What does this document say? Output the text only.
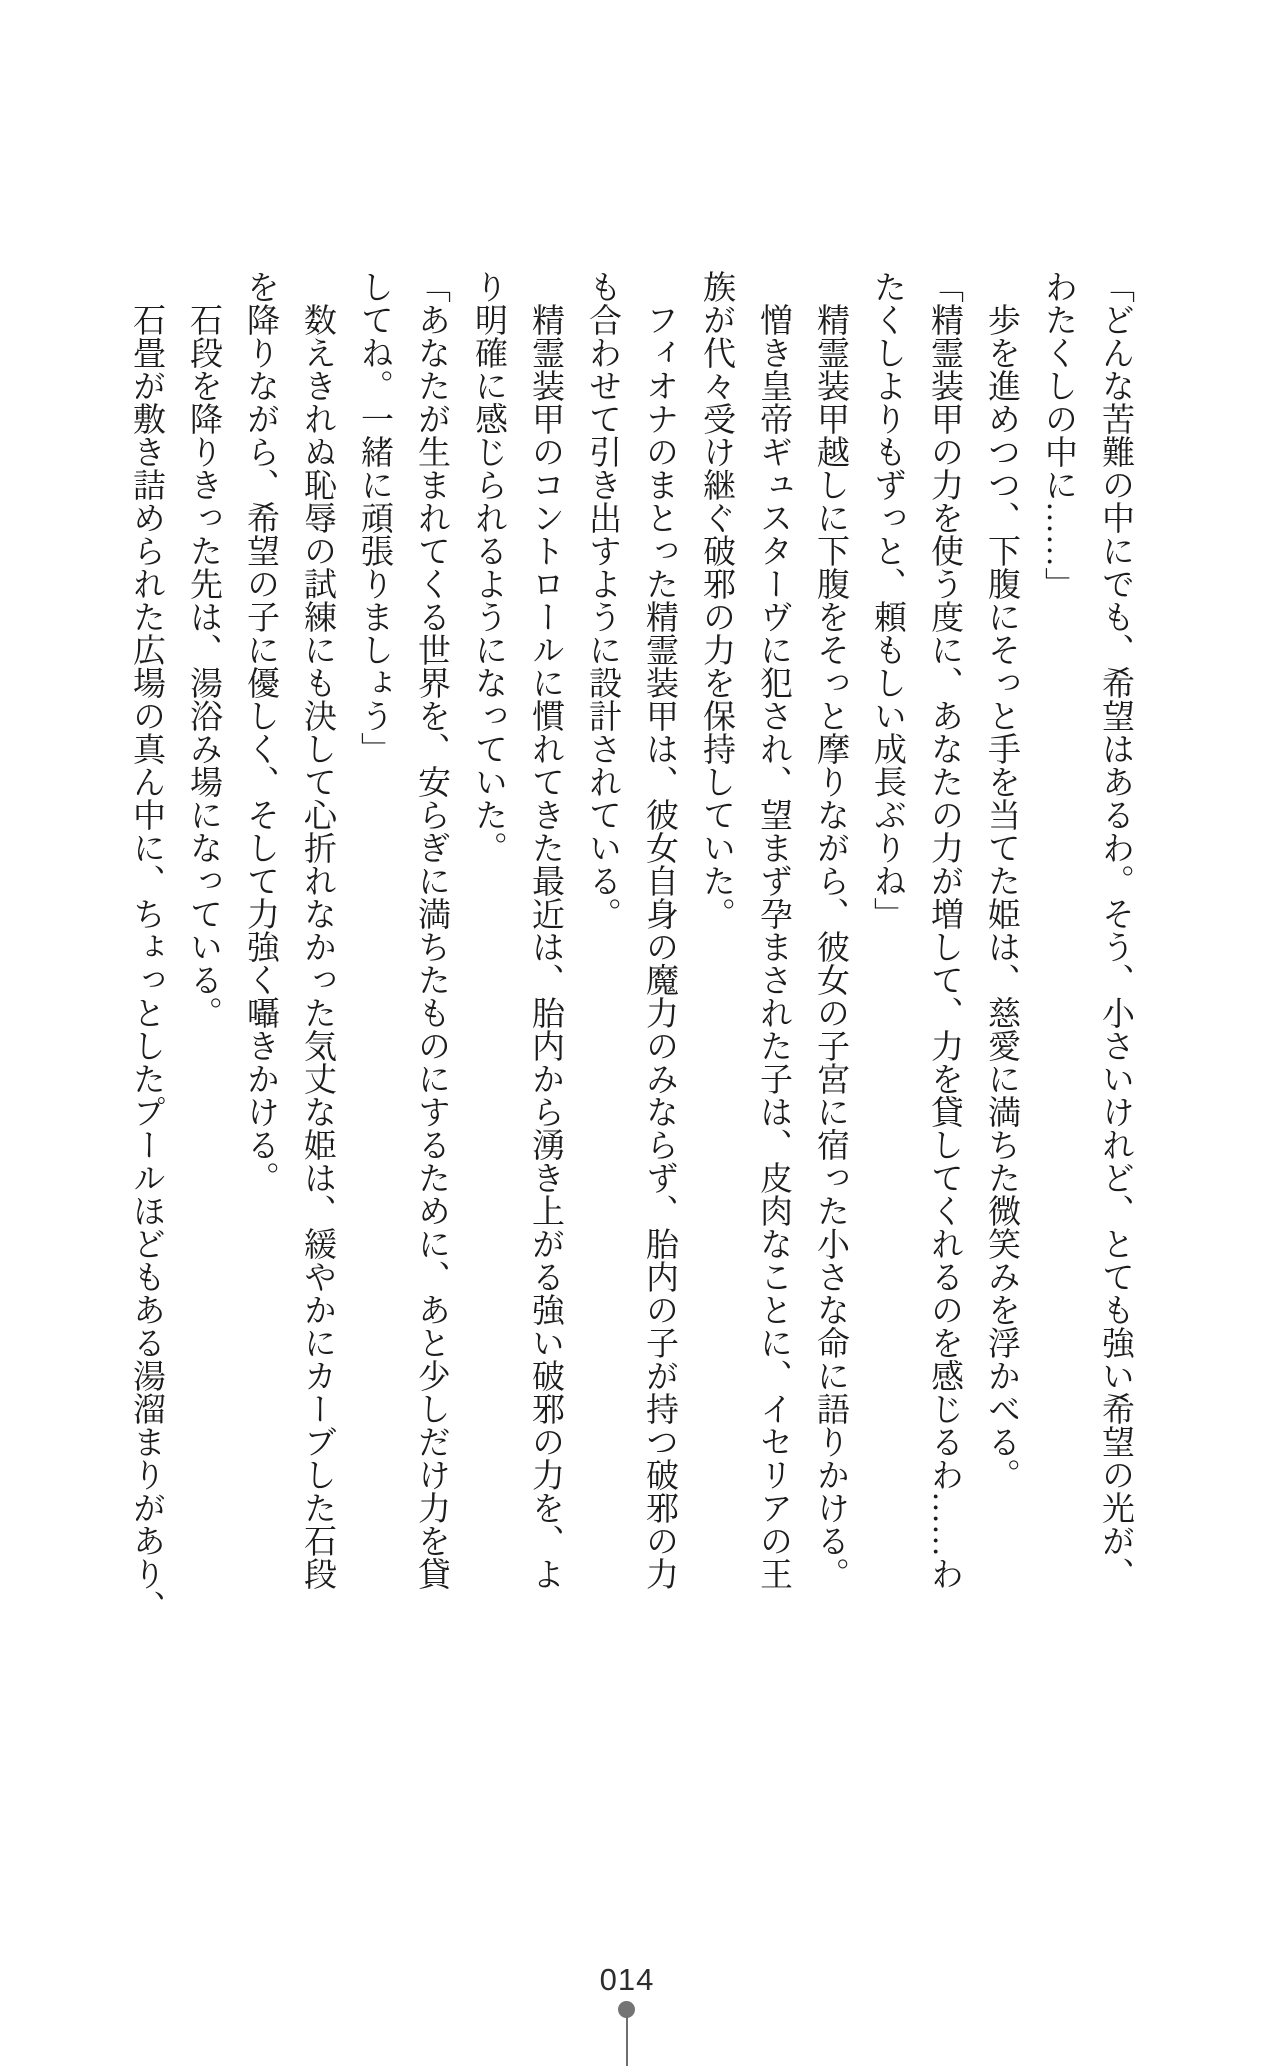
「どんな苦難の中にでも、希望はあるわ。そう、小さいけれど、とても強い希望の光が、
わたくしの中に……」
　歩を進めつつ、下腹にそっと手を当てた姫は、慈愛に満ちた微笑みを浮かべる。
「精霊装甲の力を使う度に、あなたの力が増して、力を貸してくれるのを感じるわ……わ
たくしよりもずっと、頼もしい成長ぶりね」
　精霊装甲越しに下腹をそっと摩りながら、彼女の子宮に宿った小さな命に語りかける。
　憎き皇帝ギュスターヴに犯され、望まず孕まされた子は、皮肉なことに、イセリアの王
族が代々受け継ぐ破邪の力を保持していた。
　フィオナのまとった精霊装甲は、彼女自身の魔力のみならず、胎内の子が持つ破邪の力
も合わせて引き出すように設計されている。
　精霊装甲のコントロールに慣れてきた最近は、胎内から湧き上がる強い破邪の力を、よ
り明確に感じられるようになっていた。
「あなたが生まれてくる世界を、安らぎに満ちたものにするために、あと少しだけ力を貸
してね。一緒に頑張りましょう」
　数えきれぬ恥辱の試練にも決して心折れなかった気丈な姫は、緩やかにカーブした石段
を降りながら、希望の子に優しく、そして力強く囁きかける。
　石段を降りきった先は、湯浴み場になっている。
　石畳が敷き詰められた広場の真ん中に、ちょっとしたプールほどもある湯溜まりがあり、
014
